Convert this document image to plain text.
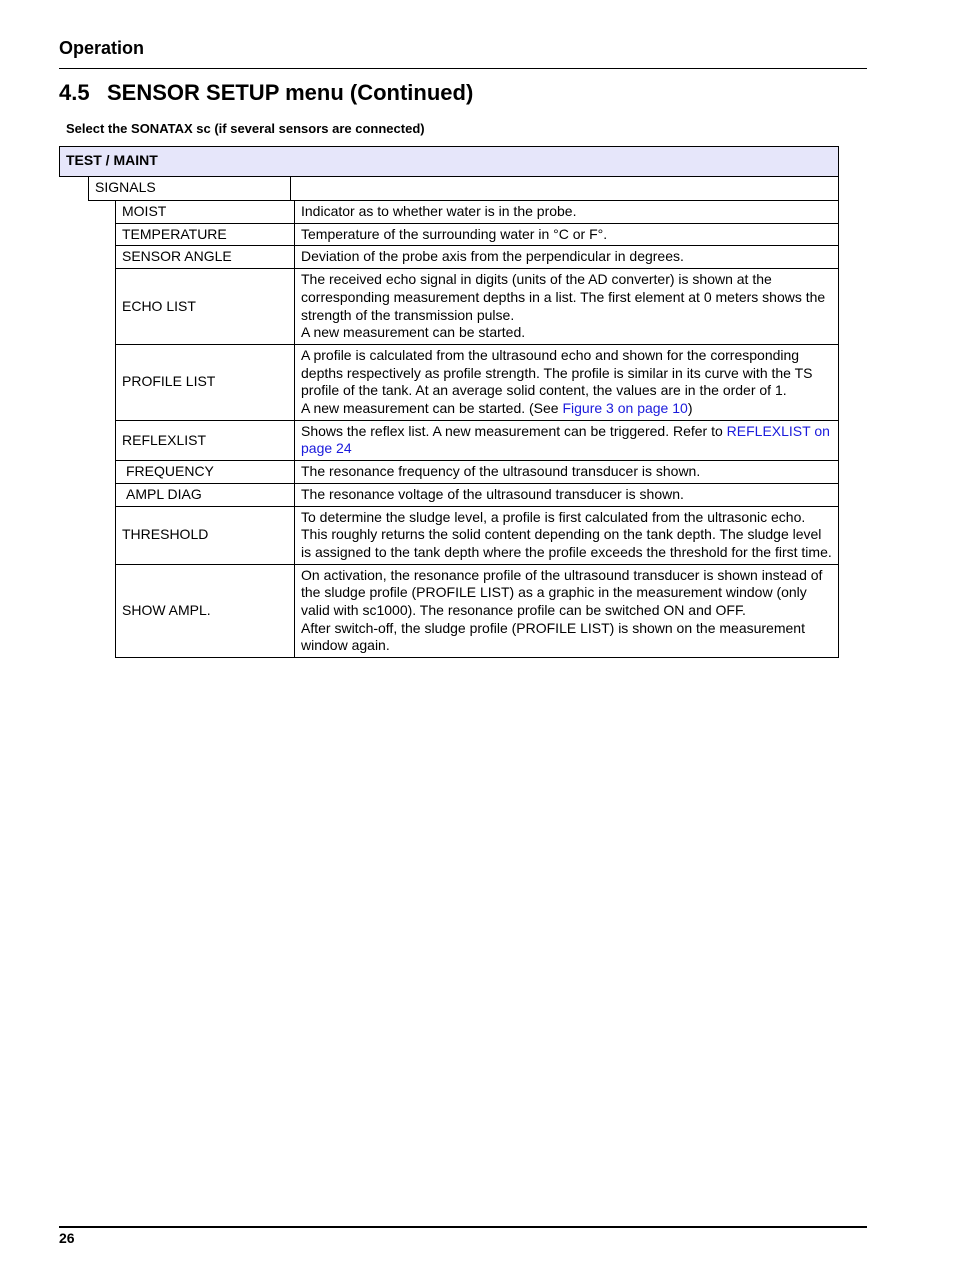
Operation
4.5 SENSOR SETUP menu (Continued)
Select the SONATAX sc (if several sensors are connected)
TEST / MAINT
SIGNALS
MOIST	Indicator as to whether water is in the probe.
TEMPERATURE	Temperature of the surrounding water in °C or F°.
SENSOR ANGLE	Deviation of the probe axis from the perpendicular in degrees.
ECHO LIST	The received echo signal in digits (units of the AD converter) is shown at the corresponding measurement depths in a list. The first element at 0 meters shows the strength of the transmission pulse.
A new measurement can be started.

PROFILE LIST	A profile is calculated from the ultrasound echo and shown for the corresponding depths respectively as profile strength. The profile is similar in its curve with the TS profile of the tank. At an average solid content, the values are in the order of 1.
A new measurement can be started. (See Figure 3 on page 10)

REFLEXLIST	Shows the reflex list. A new measurement can be triggered. Refer to REFLEXLIST on page 24
FREQUENCY	The resonance frequency of the ultrasound transducer is shown.
AMPL DIAG	The resonance voltage of the ultrasound transducer is shown.
THRESHOLD	To determine the sludge level, a profile is first calculated from the ultrasonic echo. This roughly returns the solid content depending on the tank depth. The sludge level is assigned to the tank depth where the profile exceeds the threshold for the first time.
SHOW AMPL.	On activation, the resonance profile of the ultrasound transducer is shown instead of the sludge profile (PROFILE LIST) as a graphic in the measurement window (only valid with sc1000). The resonance profile can be switched ON and OFF.
After switch-off, the sludge profile (PROFILE LIST) is shown on the measurement window again.
26
